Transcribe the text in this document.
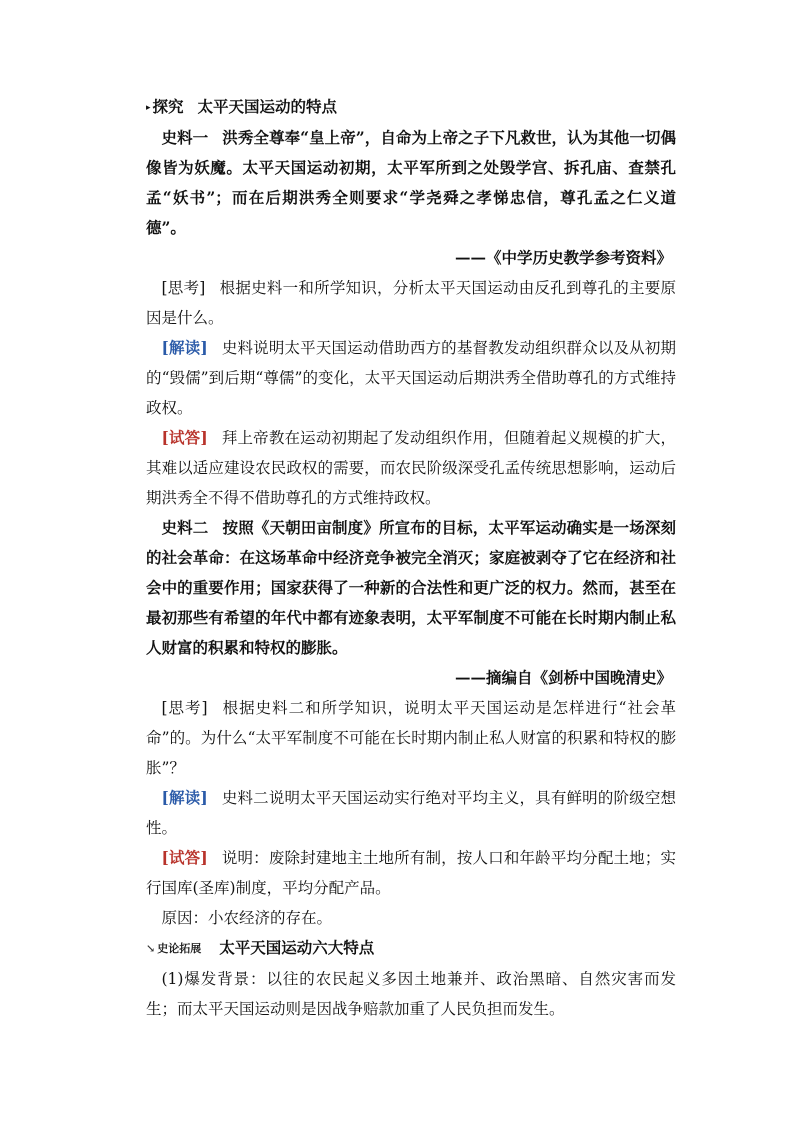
▸ 探究 太平天国运动的特点

史料一 洪秀全尊奉“皇上帝”，自命为上帝之子下凡救世，认为其他一切偶像皆为妖魔。太平天国运动初期，太平军所到之处毁学宫、拆孔庙、查禁孔孟“妖书”；而在后期洪秀全则要求“学尧舜之孝悌忠信，尊孔孟之仁义道德”。

——《中学历史教学参考资料》

[思考] 根据史料一和所学知识，分析太平天国运动由反孔到尊孔的主要原因是什么。

[解读] 史料说明太平天国运动借助西方的基督教发动组织群众以及从初期的“毁儒”到后期“尊儒”的变化，太平天国运动后期洪秀全借助尊孔的方式维持政权。

[试答] 拜上帝教在运动初期起了发动组织作用，但随着起义规模的扩大，其难以适应建设农民政权的需要，而农民阶级深受孔孟传统思想影响，运动后期洪秀全不得不借助尊孔的方式维持政权。

史料二 按照《天朝田亩制度》所宣布的目标，太平军运动确实是一场深刻的社会革命：在这场革命中经济竞争被完全消灭；家庭被剥夺了它在经济和社会中的重要作用；国家获得了一种新的合法性和更广泛的权力。然而，甚至在最初那些有希望的年代中都有迹象表明，太平军制度不可能在长时期内制止私人财富的积累和特权的膨胀。

——摘编自《剑桥中国晚清史》

[思考] 根据史料二和所学知识，说明太平天国运动是怎样进行“社会革命”的。为什么“太平军制度不可能在长时期内制止私人财富的积累和特权的膨胀”？

[解读] 史料二说明太平天国运动实行绝对平均主义，具有鲜明的阶级空想性。

[试答] 说明：废除封建地主土地所有制，按人口和年龄平均分配土地；实行国库(圣库)制度，平均分配产品。

原因：小农经济的存在。

↘ 史论拓展 太平天国运动六大特点

(1)爆发背景：以往的农民起义多因土地兼并、政治黑暗、自然灾害而发生；而太平天国运动则是因战争赔款加重了人民负担而发生。
